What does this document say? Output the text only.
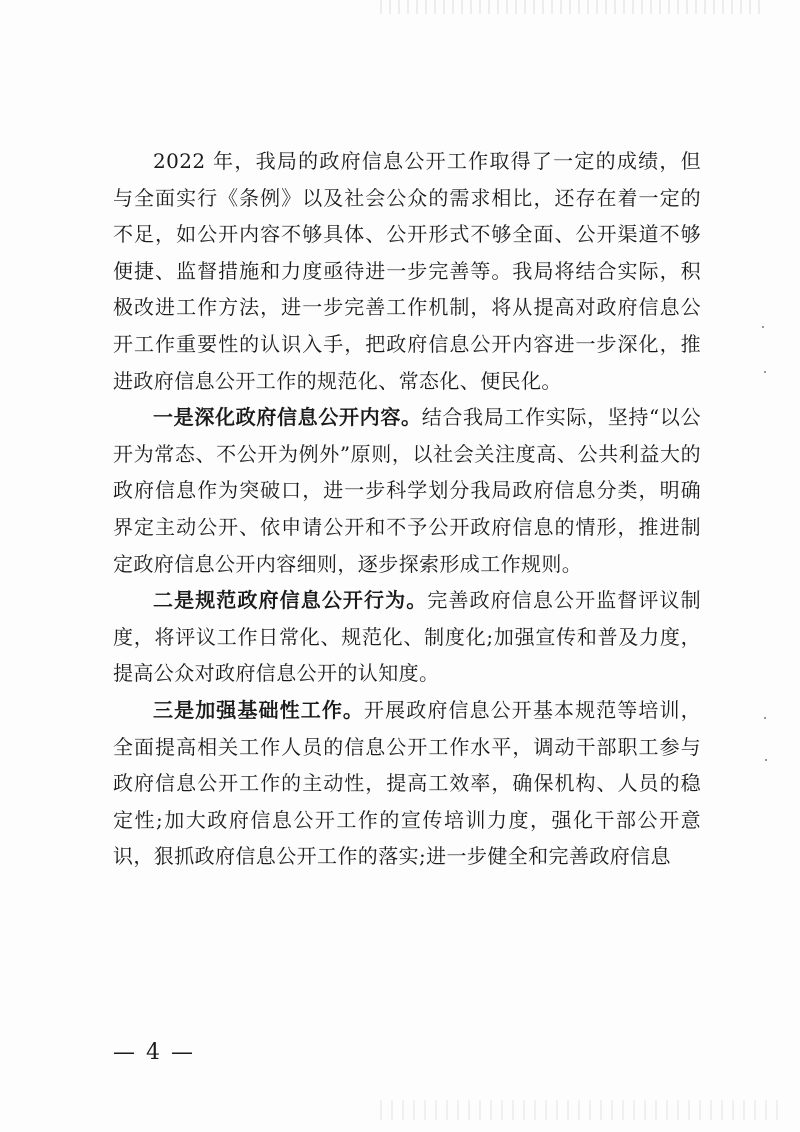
2022 年，我局的政府信息公开工作取得了一定的成绩，但与全面实行《条例》以及社会公众的需求相比，还存在着一定的不足，如公开内容不够具体、公开形式不够全面、公开渠道不够便捷、监督措施和力度亟待进一步完善等。我局将结合实际，积极改进工作方法，进一步完善工作机制，将从提高对政府信息公开工作重要性的认识入手，把政府信息公开内容进一步深化，推进政府信息公开工作的规范化、常态化、便民化。

一是深化政府信息公开内容。结合我局工作实际，坚持“以公开为常态、不公开为例外”原则，以社会关注度高、公共利益大的政府信息作为突破口，进一步科学划分我局政府信息分类，明确界定主动公开、依申请公开和不予公开政府信息的情形，推进制定政府信息公开内容细则，逐步探索形成工作规则。

二是规范政府信息公开行为。完善政府信息公开监督评议制度，将评议工作日常化、规范化、制度化;加强宣传和普及力度，提高公众对政府信息公开的认知度。

三是加强基础性工作。开展政府信息公开基本规范等培训，全面提高相关工作人员的信息公开工作水平，调动干部职工参与政府信息公开工作的主动性，提高工效率，确保机构、人员的稳定性;加大政府信息公开工作的宣传培训力度，强化干部公开意识，狠抓政府信息公开工作的落实;进一步健全和完善政府信息

— 4 —
